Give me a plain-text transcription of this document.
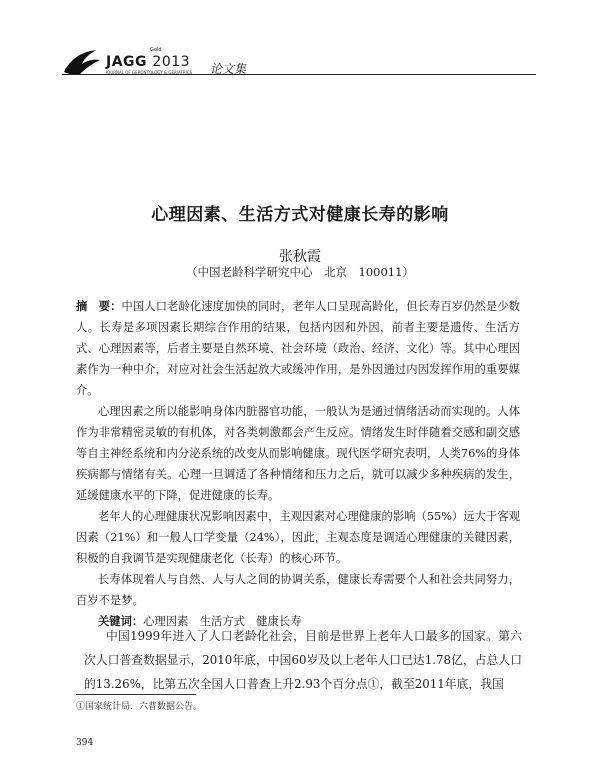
JAGG 2013
Gold
JOURNAL OF GERONTOLOGY & GERIATRICS 论文集
心理因素、生活方式对健康长寿的影响
张秋霞
（中国老龄科学研究中心　北京　100011）

摘　要：中国人口老龄化速度加快的同时，老年人口呈现高龄化，但长寿百岁仍然是少数人。长寿是多项因素长期综合作用的结果，包括内因和外因，前者主要是遗传、生活方式、心理因素等，后者主要是自然环境、社会环境（政治、经济、文化）等。其中心理因素作为一种中介，对应对社会生活起放大或缓冲作用，是外因通过内因发挥作用的重要媒介。

心理因素之所以能影响身体内脏器官功能，一般认为是通过情绪活动而实现的。人体作为非常精密灵敏的有机体，对各类刺激都会产生反应。情绪发生时伴随着交感和副交感等自主神经系统和内分泌系统的改变从而影响健康。现代医学研究表明，人类76%的身体疾病都与情绪有关。心理一旦调适了各种情绪和压力之后，就可以减少多种疾病的发生，延缓健康水平的下降，促进健康的长寿。

老年人的心理健康状况影响因素中，主观因素对心理健康的影响（55%）远大于客观因素（21%）和一般人口学变量（24%），因此，主观态度是调适心理健康的关键因素，积极的自我调节是实现健康老化（长寿）的核心环节。

长寿体现着人与自然、人与人之间的协调关系，健康长寿需要个人和社会共同努力，百岁不是梦。

关键词：心理因素　生活方式　健康长寿

中国1999年进入了人口老龄化社会，目前是世界上老年人口最多的国家。第六次人口普查数据显示，2010年底，中国60岁及以上老年人口已达1.78亿，占总人口的13.26%，比第五次全国人口普查上升2.93个百分点①，截至2011年底，我国

①国家统计局．六普数据公告。
394
